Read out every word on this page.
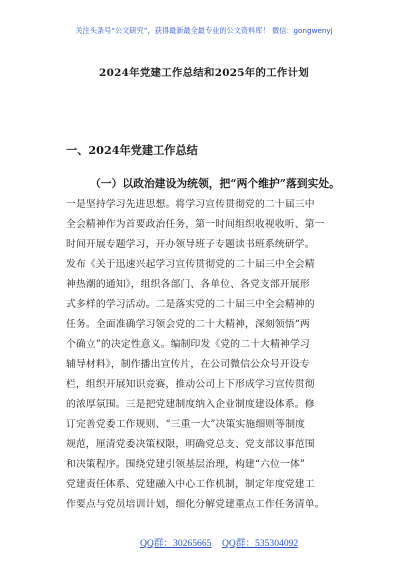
关注头条号“公文研究”，获得最新最全最专业的公文资料库！ 微信：gongwenyj
2024年党建工作总结和2025年的工作计划
一、2024年党建工作总结
（一）以政治建设为统领，把“两个维护”落到实处。
一是坚持学习先进思想。将学习宣传贯彻党的二十届三中
全会精神作为首要政治任务，第一时间组织收视收听、第一
时间开展专题学习，开办领导班子专题读书班系统研学。
发布《关于迅速兴起学习宣传贯彻党的二十届三中全会精
神热潮的通知》，组织各部门、各单位、各党支部开展形
式多样的学习活动。二是落实党的二十届三中全会精神的
任务。全面准确学习领会党的二十大精神，深刻领悟“两
个确立”的决定性意义。编制印发《党的二十大精神学习
辅导材料》，制作播出宣传片，在公司微信公众号开设专
栏，组织开展知识竞赛，推动公司上下形成学习宣传贯彻
的浓厚氛围。三是把党建制度纳入企业制度建设体系。修
订完善党委工作规则、“三重一大”决策实施细则等制度
规范，厘清党委决策权限，明确党总支、党支部议事范围
和决策程序。围绕党建引领基层治理，构建“六位一体”
党建责任体系、党建融入中心工作机制，制定年度党建工
作要点与党员培训计划，细化分解党建重点工作任务清单。
QQ群：30265665 QQ群：535304092
